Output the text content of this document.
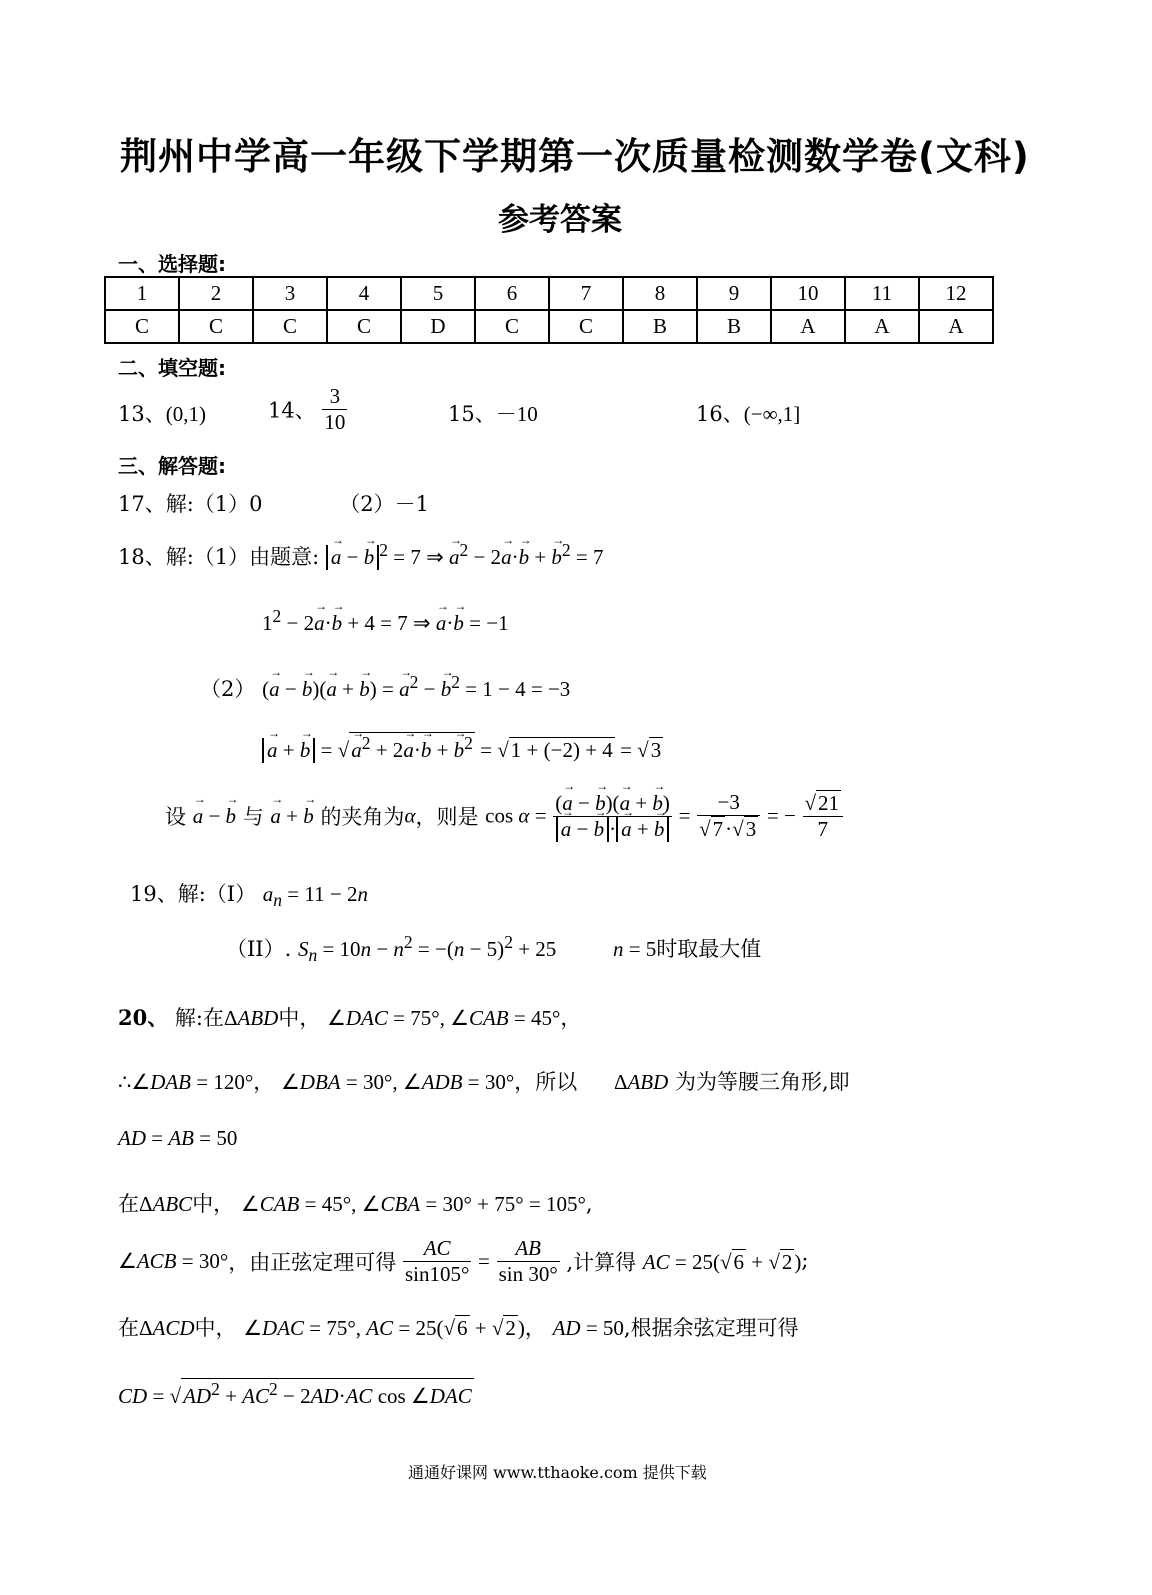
荆州中学高一年级下学期第一次质量检测数学卷(文科)
参考答案
一、选择题:
1	2	3	4	5	6	7	8	9	10	11	12
C	C	C	C	D	C	C	B	B	A	A	A
二、填空题:
13、(0,1)	14、 $\frac{3}{10}$	15、－10	16、(−∞,1]
三、解答题:
17、解:（1）0	（2）－1
18、解:（1）由题意: → a − → b $^2$ = 7 ⇒ → $a^2 - 2\to a\cdot\to b$ + → $b^2 = 7$
$1^2 - 2\to a\cdot\to b + 4 = 7$ ⇒ → a·→ b = −1
（2） (→ a − → b)(→ a + → b) = → $a^2$ − → $b^2 = 1 - 4 = -3$
→ a + → b = √→ $a^2 + 2\to a\cdot\to b$ + → $b^2 = √1 + (-2) + 4 = √3$
设 → a − → b 与 → a + → b 的夹角为α，则是 cos α = (→ a − → b)(→ a + → b)
→ a − → b · → a + → $b = \frac{-3}{√7\cdot√3}$ = − $\frac{√21}{7}$
19、解:（I） $a_n = 11 - 2n$
（II）. $S_n = 10n - n^2 = -(n - 5)^2 + 25$	n = 5时取最大值
20、 解:在ΔABD中， ∠DAC = 75°, ∠CAB = 45°，
∴∠DAB = 120°， ∠DBA = 30°, ∠ADB = 30°，所以 ΔABD 为为等腰三角形,即
AD = AB = 50
在ΔABC中， ∠CAB = 45°, ∠CBA = 30° + 75° = 105°,
∠ACB = 30°，由正弦定理可得 $\frac{AC}{\sin 105^\circ} = \frac{AB}{\sin 30^\circ}$ ,计算得 AC = 25(√6 + √2);
在ΔACD中， ∠DAC = 75°, AC = 25(√6 + √2)， AD = 50,根据余弦定理可得
CD = $√AD^2 + AC^2 - 2AD\cdot AC$ cos ∠DAC
通通好课网 www.tthaoke.com 提供下载
